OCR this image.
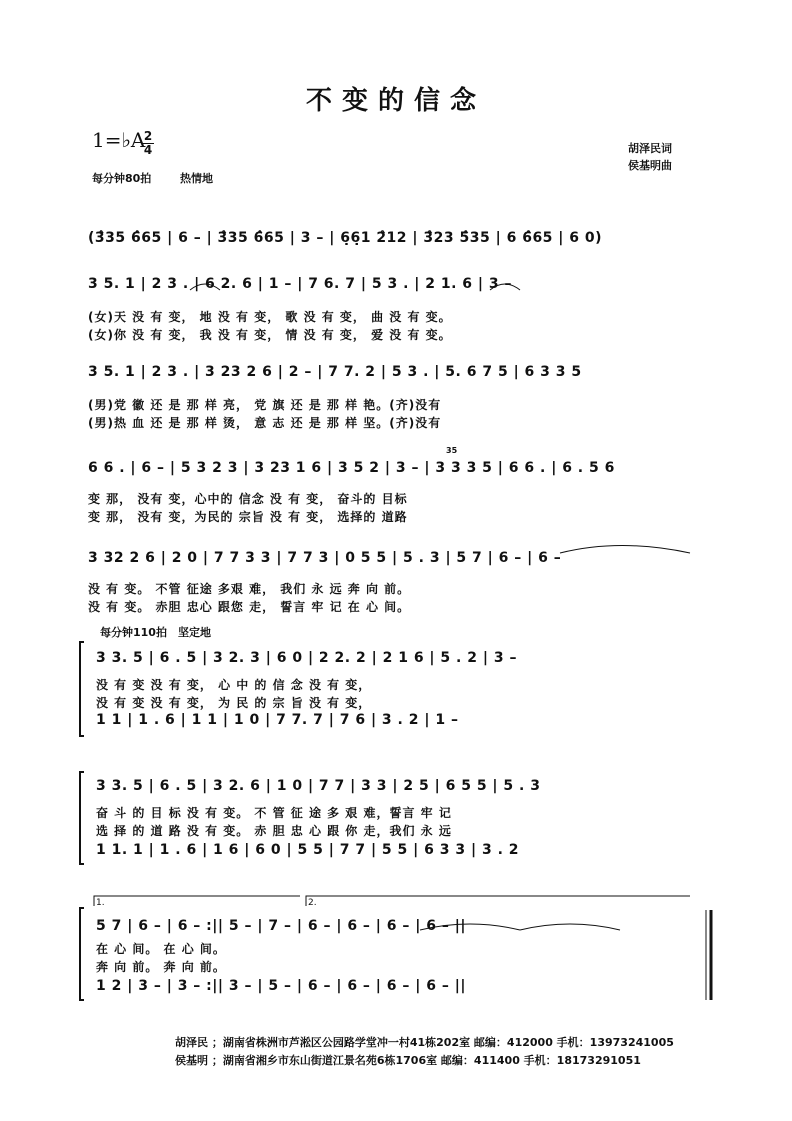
不变的信念
1=♭A
2
4
每分钟80拍	热情地
胡泽民词
侯基明曲
(3̂35 6̂65 | 6 – | 3̂35 6̂65 | 3 – | 6̣6̣1 2̂12 | 3̂23 5̂35 | 6 6̂65 | 6 0)
3 5. 1 | 2 3 . | 6 2. 6 | 1 – | 7 6. 7 | 5 3 . | 2 1. 6 | 3 –
(女)天 没 有 变， 地 没 有 变， 歌 没 有 变， 曲 没 有 变。
(女)你 没 有 变， 我 没 有 变， 情 没 有 变， 爱 没 有 变。
3 5. 1 | 2 3 . | 3 23 2 6 | 2 – | 7 7. 2 | 5 3 . | 5. 6 7 5 | 6 3 3 5
(男)党 徽 还 是 那 样 亮， 党 旗 还 是 那 样 艳。(齐)没有
(男)热 血 还 是 那 样 烫， 意 志 还 是 那 样 坚。(齐)没有
35
6 6 . | 6 – | 5 3 2 3 | 3 23 1 6 | 3 5 2 | 3 – | 3 3 3 5 | 6 6 . | 6 . 5 6
变 那， 没有 变，心中的 信念 没 有 变， 奋斗的 目标
变 那， 没有 变，为民的 宗旨 没 有 变， 选择的 道路
3 32 2 6 | 2 0 | 7 7 3 3 | 7 7 3 | 0 5 5 | 5 . 3 | 5 7 | 6 – | 6 –
没 有 变。 不管 征途 多艰 难， 我们 永 远 奔 向 前。
没 有 变。 赤胆 忠心 跟您 走， 誓言 牢 记 在 心 间。
每分钟110拍 坚定地
3 3. 5 | 6 . 5 | 3 2. 3 | 6 0 | 2 2. 2 | 2 1 6 | 5 . 2 | 3 –
没 有 变 没 有 变， 心 中 的 信 念 没 有 变，
没 有 变 没 有 变， 为 民 的 宗 旨 没 有 变，
1 1 | 1 . 6 | 1 1 | 1 0 | 7 7. 7 | 7 6 | 3 . 2 | 1 –
3 3. 5 | 6 . 5 | 3 2. 6 | 1 0 | 7 7 | 3 3 | 2 5 | 6 5 5 | 5 . 3
奋 斗 的 目 标 没 有 变。 不 管 征 途 多 艰 难，誓言 牢 记
选 择 的 道 路 没 有 变。 赤 胆 忠 心 跟 你 走，我们 永 远
1 1. 1 | 1 . 6 | 1 6 | 6 0 | 5 5 | 7 7 | 5 5 | 6 3 3 | 3 . 2
1.	2.
5 7 | 6 – | 6 – :|| 5 – | 7 – | 6 – | 6 – | 6 – | 6 – ||
在 心 间。 在 心 间。
奔 向 前。 奔 向 前。
1 2 | 3 – | 3 – :|| 3 – | 5 – | 6 – | 6 – | 6 – | 6 – ||
胡泽民 ；湖南省株洲市芦淞区公园路学堂冲一村41栋202室 邮编：412000 手机：13973241005
侯基明 ；湖南省湘乡市东山街道江景名苑6栋1706室 邮编：411400 手机：18173291051
